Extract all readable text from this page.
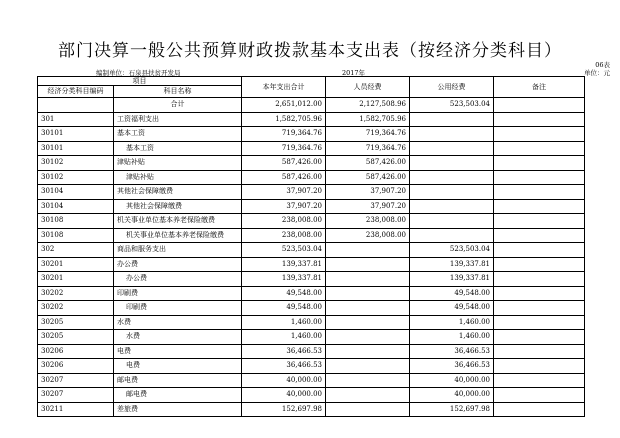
部门决算一般公共预算财政拨款基本支出表（按经济分类科目）
06表
编制单位：石泉县扶贫开发局	2017年	单位：元
项目		本年支出合计	人员经费	公用经费	备注
经济分类科目编码	科目名称				
	合计	2,651,012.00	2,127,508.96	523,503.04	
301	工资福利支出	1,582,705.96	1,582,705.96		
30101	基本工资	719,364.76	719,364.76		
30101	基本工资	719,364.76	719,364.76		
30102	津贴补贴	587,426.00	587,426.00		
30102	津贴补贴	587,426.00	587,426.00		
30104	其他社会保障缴费	37,907.20	37,907.20		
30104	其他社会保障缴费	37,907.20	37,907.20		
30108	机关事业单位基本养老保险缴费	238,008.00	238,008.00		
30108	机关事业单位基本养老保险缴费	238,008.00	238,008.00		
302	商品和服务支出	523,503.04		523,503.04	
30201	办公费	139,337.81		139,337.81	
30201	办公费	139,337.81		139,337.81	
30202	印刷费	49,548.00		49,548.00	
30202	印刷费	49,548.00		49,548.00	
30205	水费	1,460.00		1,460.00	
30205	水费	1,460.00		1,460.00	
30206	电费	36,466.53		36,466.53	
30206	电费	36,466.53		36,466.53	
30207	邮电费	40,000.00		40,000.00	
30207	邮电费	40,000.00		40,000.00	
30211	差旅费	152,697.98		152,697.98	
